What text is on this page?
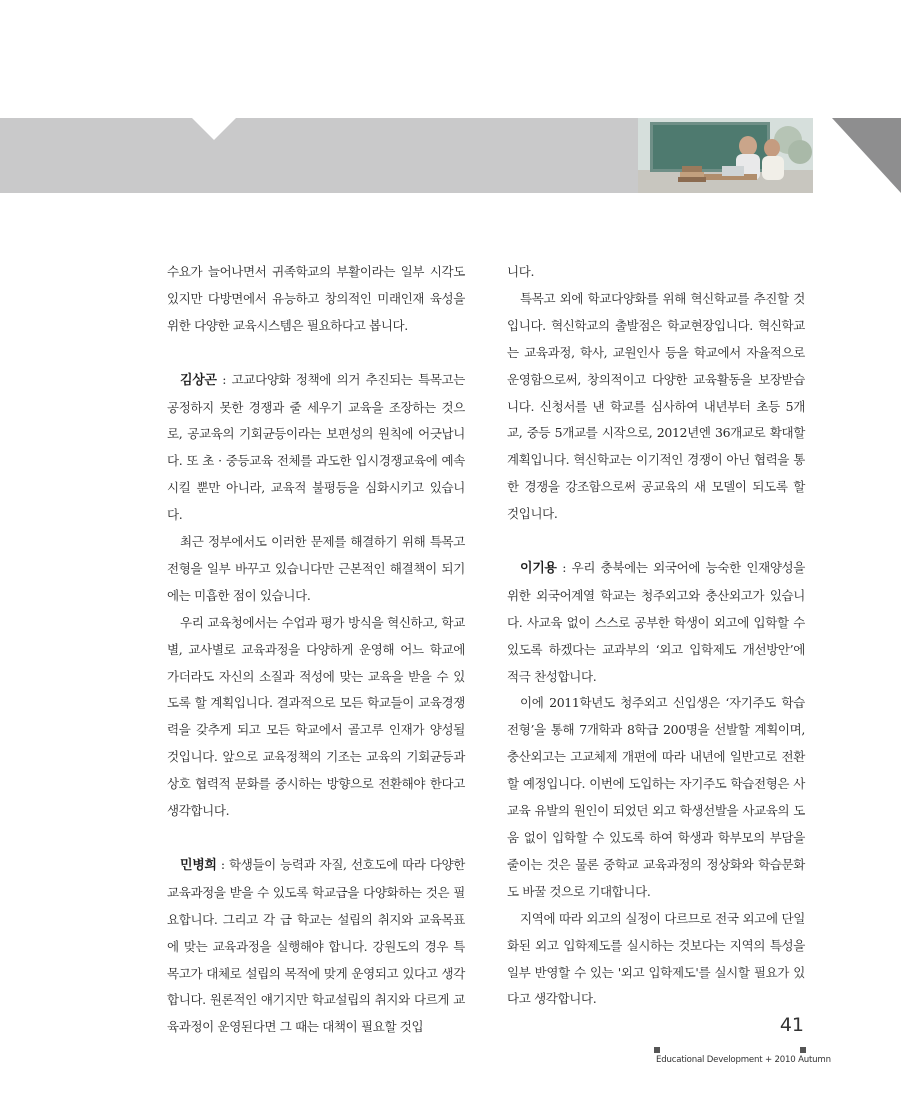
수요가 늘어나면서 귀족학교의 부활이라는 일부 시각도 있지만 다방면에서 유능하고 창의적인 미래인재 육성을 위한 다양한 교육시스템은 필요하다고 봅니다.

김상곤 : 고교다양화 정책에 의거 추진되는 특목고는 공정하지 못한 경쟁과 줄 세우기 교육을 조장하는 것으로, 공교육의 기회균등이라는 보편성의 원칙에 어긋납니다. 또 초 · 중등교육 전체를 과도한 입시경쟁교육에 예속시킬 뿐만 아니라, 교육적 불평등을 심화시키고 있습니다.

최근 정부에서도 이러한 문제를 해결하기 위해 특목고 전형을 일부 바꾸고 있습니다만 근본적인 해결책이 되기에는 미흡한 점이 있습니다.

우리 교육청에서는 수업과 평가 방식을 혁신하고, 학교별, 교사별로 교육과정을 다양하게 운영해 어느 학교에 가더라도 자신의 소질과 적성에 맞는 교육을 받을 수 있도록 할 계획입니다. 결과적으로 모든 학교들이 교육경쟁력을 갖추게 되고 모든 학교에서 골고루 인재가 양성될 것입니다. 앞으로 교육정책의 기조는 교육의 기회균등과 상호 협력적 문화를 중시하는 방향으로 전환해야 한다고 생각합니다.

민병희 : 학생들이 능력과 자질, 선호도에 따라 다양한 교육과정을 받을 수 있도록 학교급을 다양화하는 것은 필요합니다. 그리고 각 급 학교는 설립의 취지와 교육목표에 맞는 교육과정을 실행해야 합니다. 강원도의 경우 특목고가 대체로 설립의 목적에 맞게 운영되고 있다고 생각합니다. 원론적인 얘기지만 학교설립의 취지와 다르게 교육과정이 운영된다면 그 때는 대책이 필요할 것입

니다.

특목고 외에 학교다양화를 위해 혁신학교를 추진할 것입니다. 혁신학교의 출발점은 학교현장입니다. 혁신학교는 교육과정, 학사, 교원인사 등을 학교에서 자율적으로 운영함으로써, 창의적이고 다양한 교육활동을 보장받습니다. 신청서를 낸 학교를 심사하여 내년부터 초등 5개교, 중등 5개교를 시작으로, 2012년엔 36개교로 확대할 계획입니다. 혁신학교는 이기적인 경쟁이 아닌 협력을 통한 경쟁을 강조함으로써 공교육의 새 모델이 되도록 할 것입니다.

이기용 : 우리 충북에는 외국어에 능숙한 인재양성을 위한 외국어계열 학교는 청주외고와 충산외고가 있습니다. 사교육 없이 스스로 공부한 학생이 외고에 입학할 수 있도록 하겠다는 교과부의 ‘외고 입학제도 개선방안’에 적극 찬성합니다.

이에 2011학년도 청주외고 신입생은 ‘자기주도 학습전형’을 통해 7개학과 8학급 200명을 선발할 계획이며, 충산외고는 고교체제 개편에 따라 내년에 일반고로 전환할 예정입니다. 이번에 도입하는 자기주도 학습전형은 사교육 유발의 원인이 되었던 외고 학생선발을 사교육의 도움 없이 입학할 수 있도록 하여 학생과 학부모의 부담을 줄이는 것은 물론 중학교 교육과정의 정상화와 학습문화도 바꿀 것으로 기대합니다.

지역에 따라 외고의 실정이 다르므로 전국 외고에 단일화된 외고 입학제도를 실시하는 것보다는 지역의 특성을 일부 반영할 수 있는 '외고 입학제도'를 실시할 필요가 있다고 생각합니다.

41
Educational Development + 2010 Autumn
